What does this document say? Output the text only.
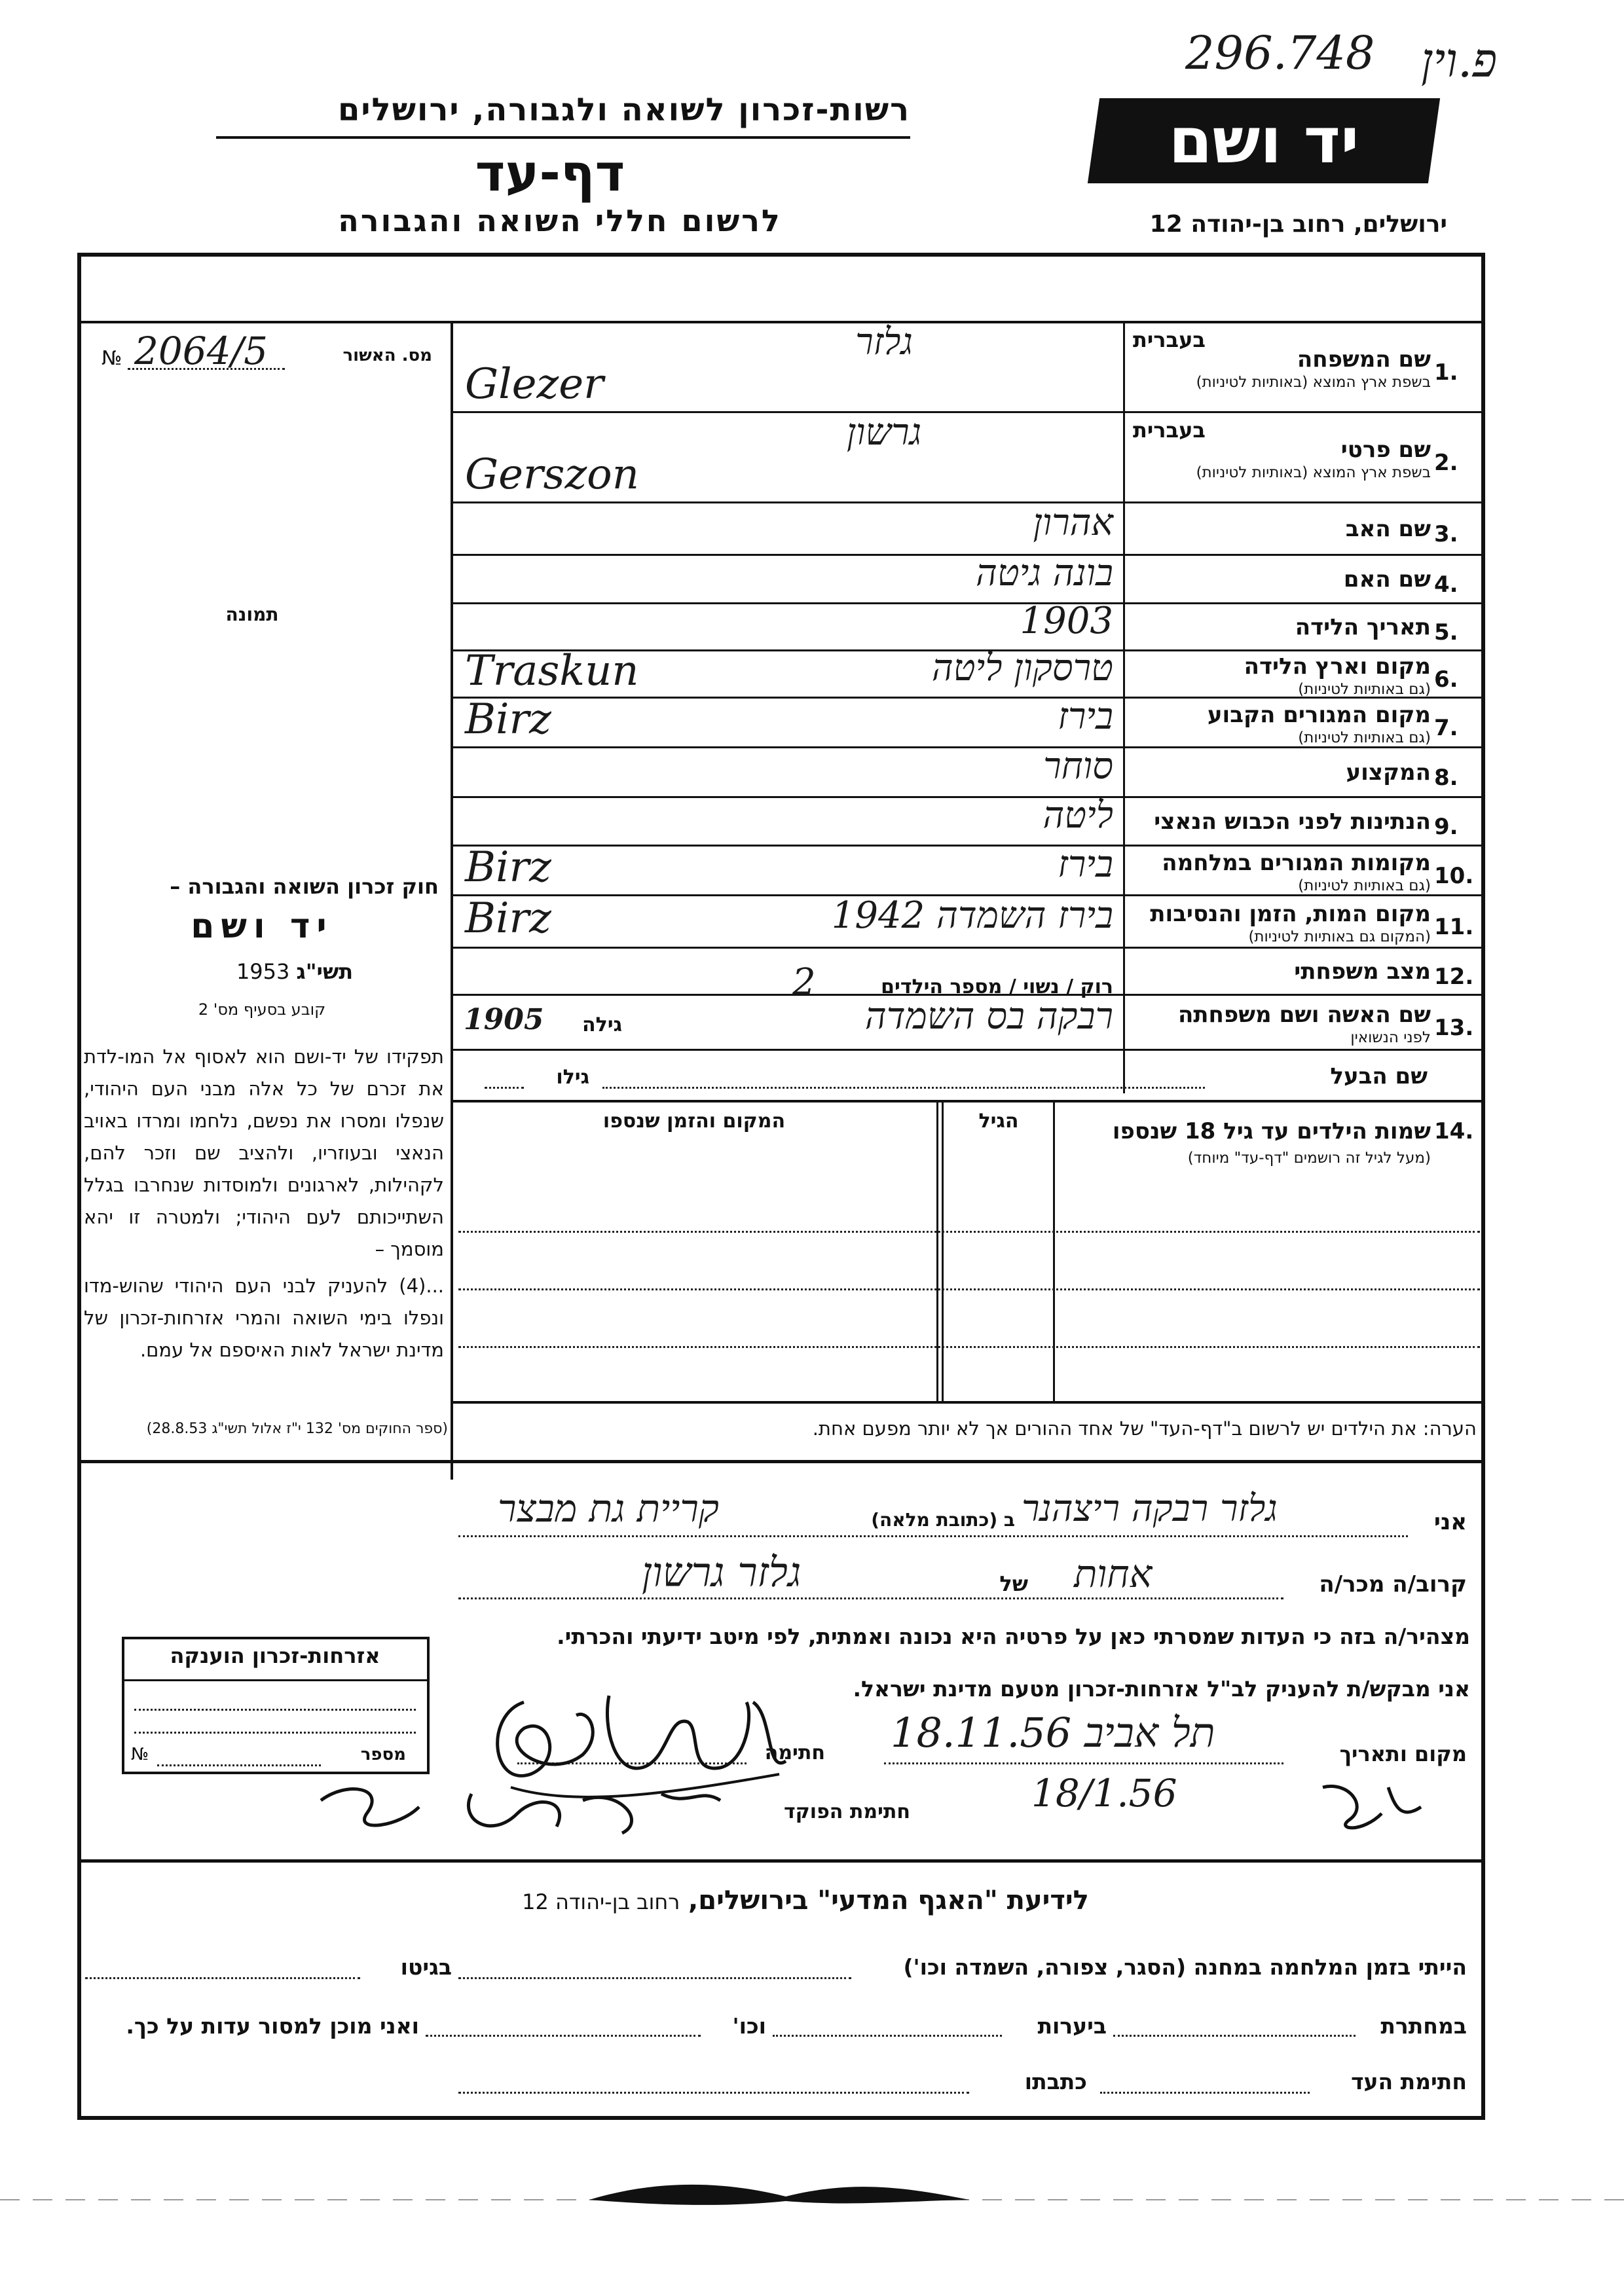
296.748 פ.וין
רשות-זכרון לשואה ולגבורה, ירושלים
דף-עד
לרשום חללי השואה והגבורה
יד ושם
ירושלים, רחוב בן-יהודה 12
מס. האשור
2064/5
№
תמונה
1.
בעברית
שם המשפחה
בשפת ארץ המוצא (באותיות לטיניות)
גלזר
Glezer
2.
בעברית
שם פרטי
בשפת ארץ המוצא (באותיות לטיניות)
גרשון
Gerszon
3.
שם האב
אהרון
4.
שם האם
בונה גיטה
5.
תאריך הלידה
1903
6.
מקום וארץ הלידה
(גם באותיות לטיניות)
טרסקון ליטה
Traskun
7.
מקום המגורים הקבוע
(גם באותיות לטיניות)
בירז
Birz
8.
המקצוע
סוחר
9.
הנתינות לפני הכבוש הנאצי
ליטה
10.
מקומות המגורים במלחמה
(גם באותיות לטיניות)
בירז
Birz
11.
מקום המות, הזמן והנסיבות
(המקום גם באותיות לטיניות)
בירז השמדה 1942
Birz
12.
מצב משפחתי
13.
שם האשה ושם משפחתה
לפני הנשואין
רבקה בס השמדה
רוק / נשוי / מספר הילדים
2
גילה
1905
שם הבעל
גילו
14.
שמות הילדים עד גיל 18 שנספו
(מעל לגיל זה רושמים "דף-עד" מיוחד)
הגיל
המקום והזמן שנספו
הערה: את הילדים יש לרשום ב"דף-העד" של אחד ההורים אך לא יותר מפעם אחת.
חוק זכרון השואה והגבורה –
יד ושם
תשי"ג 1953
קובע בסעיף מס' 2
תפקידו של יד-ושם הוא לאסוף אל המו-לדת את זכרם של כל אלה מבני העם היהודי, שנפלו ומסרו את נפשם, נלחמו ומרדו באויב הנאצי ובעוזריו, ולהציב שם וזכר להם, לקהילות, לארגונים ולמוסדות שנחרבו בגלל השתייכותם לעם היהודי; ולמטרה זו יהא מוסמך –
...(4) להעניק לבני העם היהודי שהוש-מדו ונפלו בימי השואה והמרי אזרחות-זכרון של מדינת ישראל לאות האיספם אל עמם.
(ספר החוקים מס' 132 י"ז אלול תשי"ג 28.8.53)
אני
גלזר רבקה ריצהנר
ב (כתובת מלאה)
קריית גת מבצר
קרוב/ה מכר/ה
אחות
של
גלזר גרשון
מצהיר/ה בזה כי העדות שמסרתי כאן על פרטיה היא נכונה ואמתית, לפי מיטב ידיעתי והכרתי.
אני מבקש/ת להעניק לב"ל אזרחות-זכרון מטעם מדינת ישראל.
מקום ותאריך
תל אביב 18.11.56
חתימה
18/1.56
חתימת הפוקד
אזרחות-זכרון הוענקה
מספר
№
לידיעת "האגף המדעי" בירושלים, רחוב בן-יהודה 12
הייתי בזמן המלחמה במחנה (הסגר, צפורה, השמדה וכו')
בגיטו
במחתרת
ביערות
וכו'
ואני מוכן למסור עדות על כך.
חתימת העד
כתבתו
